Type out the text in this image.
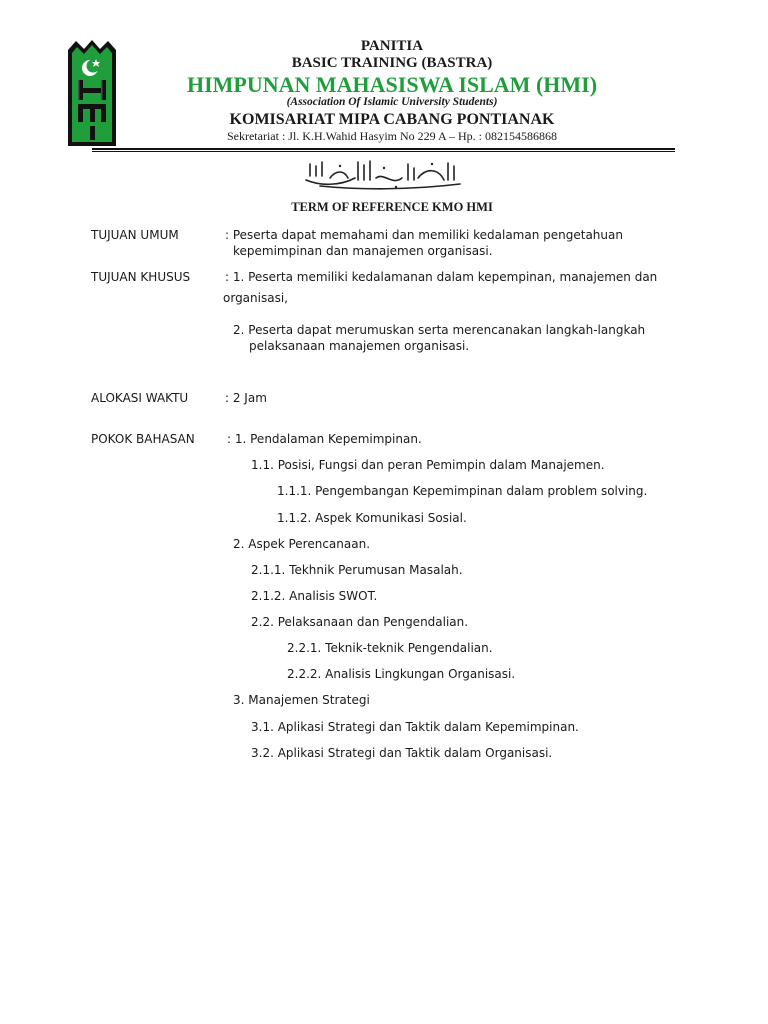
PANITIA
BASIC TRAINING (BASTRA)
HIMPUNAN MAHASISWA ISLAM (HMI)
(Association Of Islamic University Students)
KOMISARIAT MIPA CABANG PONTIANAK
Sekretariat : Jl. K.H.Wahid Hasyim No 229 A – Hp. : 082154586868
TERM OF REFERENCE KMO HMI
TUJUAN UMUM	: Peserta dapat memahami dan memiliki kedalaman pengetahuan
kepemimpinan dan manajemen organisasi.
TUJUAN KHUSUS	: 1. Peserta memiliki kedalamanan dalam kepempinan, manajemen dan
organisasi,
2. Peserta dapat merumuskan serta merencanakan langkah-langkah
pelaksanaan manajemen organisasi.
ALOKASI WAKTU	: 2 Jam
POKOK BAHASAN	: 1. Pendalaman Kepemimpinan.
1.1. Posisi, Fungsi dan peran Pemimpin dalam Manajemen.
1.1.1. Pengembangan Kepemimpinan dalam problem solving.
1.1.2. Aspek Komunikasi Sosial.
2. Aspek Perencanaan.
2.1.1. Tekhnik Perumusan Masalah.
2.1.2. Analisis SWOT.
2.2. Pelaksanaan dan Pengendalian.
2.2.1. Teknik-teknik Pengendalian.
2.2.2. Analisis Lingkungan Organisasi.
3. Manajemen Strategi
3.1. Aplikasi Strategi dan Taktik dalam Kepemimpinan.
3.2. Aplikasi Strategi dan Taktik dalam Organisasi.
